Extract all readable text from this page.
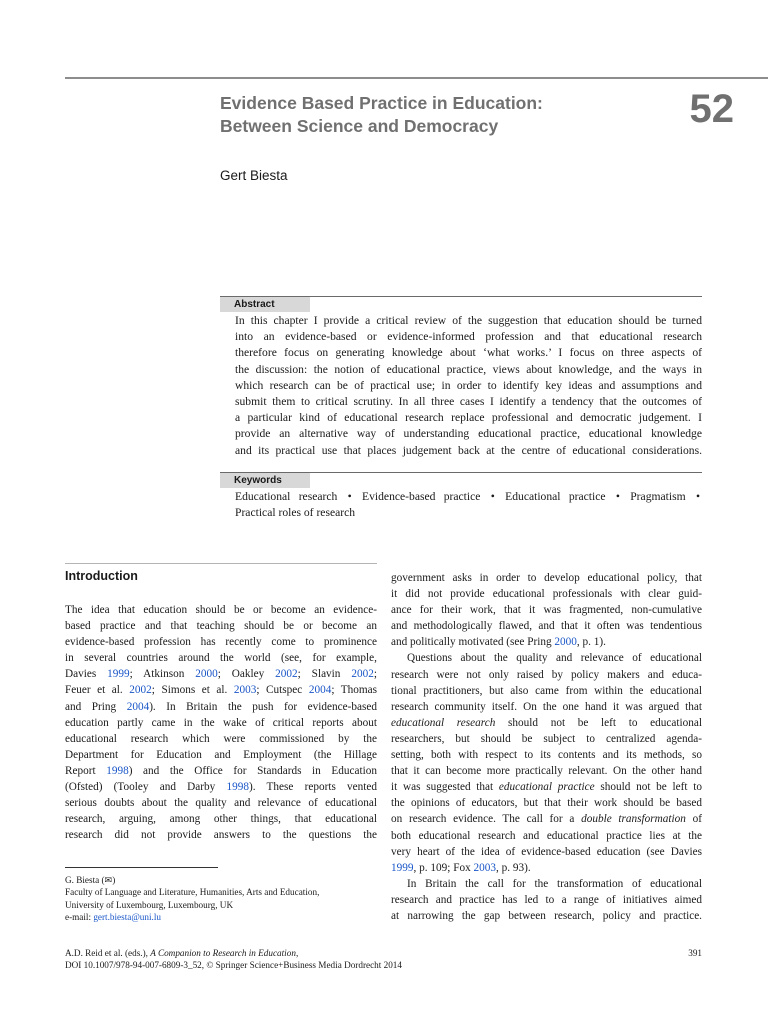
Evidence Based Practice in Education:
Between Science and Democracy	52
Gert Biesta
Abstract
In this chapter I provide a critical review of the suggestion that education should be turned
into an evidence-based or evidence-informed profession and that educational research
therefore focus on generating knowledge about ‘what works.’ I focus on three aspects of
the discussion: the notion of educational practice, views about knowledge, and the ways in
which research can be of practical use; in order to identify key ideas and assumptions and
submit them to critical scrutiny. In all three cases I identify a tendency that the outcomes of
a particular kind of educational research replace professional and democratic judgement. I
provide an alternative way of understanding educational practice, educational knowledge
and its practical use that places judgement back at the centre of educational considerations.
Keywords
Educational research • Evidence-based practice • Educational practice • Pragmatism •
Practical roles of research
Introduction
The idea that education should be or become an evidence-
based practice and that teaching should be or become an
evidence-based profession has recently come to prominence
in several countries around the world (see, for example,
Davies 1999; Atkinson 2000; Oakley 2002; Slavin 2002;
Feuer et al. 2002; Simons et al. 2003; Cutspec 2004; Thomas
and Pring 2004). In Britain the push for evidence-based
education partly came in the wake of critical reports about
educational research which were commissioned by the
Department for Education and Employment (the Hillage
Report 1998) and the Office for Standards in Education
(Ofsted) (Tooley and Darby 1998). These reports vented
serious doubts about the quality and relevance of educational
research, arguing, among other things, that educational
research did not provide answers to the questions the
government asks in order to develop educational policy, that
it did not provide educational professionals with clear guid-
ance for their work, that it was fragmented, non-cumulative
and methodologically flawed, and that it often was tendentious
and politically motivated (see Pring 2000, p. 1).
Questions about the quality and relevance of educational
research were not only raised by policy makers and educa-
tional practitioners, but also came from within the educational
research community itself. On the one hand it was argued that
educational research should not be left to educational
researchers, but should be subject to centralized agenda-
setting, both with respect to its contents and its methods, so
that it can become more practically relevant. On the other hand
it was suggested that educational practice should not be left to
the opinions of educators, but that their work should be based
on research evidence. The call for a double transformation of
both educational research and educational practice lies at the
very heart of the idea of evidence-based education (see Davies
1999, p. 109; Fox 2003, p. 93).
In Britain the call for the transformation of educational
research and practice has led to a range of initiatives aimed
at narrowing the gap between research, policy and practice.
G. Biesta (✉)
Faculty of Language and Literature, Humanities, Arts and Education,
University of Luxembourg, Luxembourg, UK
e-mail: gert.biesta@uni.lu
A.D. Reid et al. (eds.), A Companion to Research in Education,
DOI 10.1007/978-94-007-6809-3_52, © Springer Science+Business Media Dordrecht 2014
391
